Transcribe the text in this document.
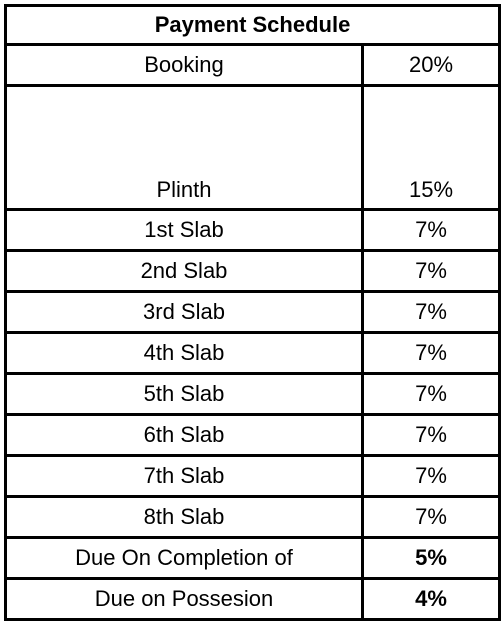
Payment Schedule	
Booking	20%
Plinth	15%
1st Slab	7%
2nd Slab	7%
3rd Slab	7%
4th Slab	7%
5th Slab	7%
6th Slab	7%
7th Slab	7%
8th Slab	7%
Due On Completion of	5%
Due on Possesion	4%
